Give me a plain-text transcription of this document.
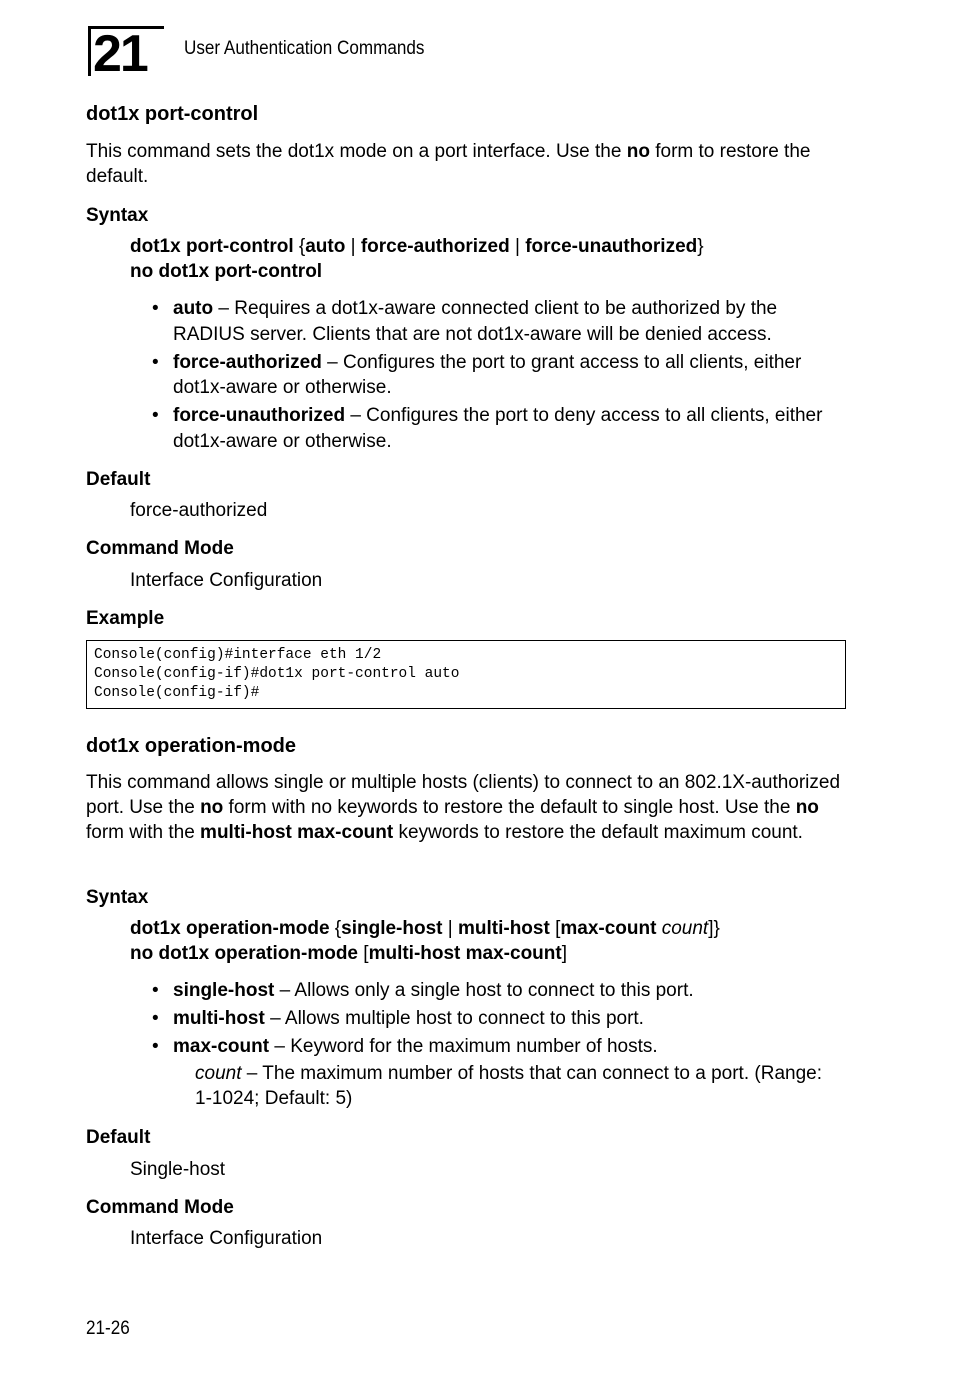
21	User Authentication Commands
dot1x port-control
This command sets the dot1x mode on a port interface. Use the no form to restore the default.
Syntax
dot1x port-control {auto | force-authorized | force-unauthorized}
no dot1x port-control
• auto – Requires a dot1x-aware connected client to be authorized by the RADIUS server. Clients that are not dot1x-aware will be denied access.
• force-authorized – Configures the port to grant access to all clients, either dot1x-aware or otherwise.
• force-unauthorized – Configures the port to deny access to all clients, either dot1x-aware or otherwise.
Default
force-authorized
Command Mode
Interface Configuration
Example
Console(config)#interface eth 1/2
Console(config-if)#dot1x port-control auto
Console(config-if)#
dot1x operation-mode
This command allows single or multiple hosts (clients) to connect to an 802.1X-authorized port. Use the no form with no keywords to restore the default to single host. Use the no form with the multi-host max-count keywords to restore the default maximum count.
Syntax
dot1x operation-mode {single-host | multi-host [max-count count]}
no dot1x operation-mode [multi-host max-count]
• single-host – Allows only a single host to connect to this port.
• multi-host – Allows multiple host to connect to this port.
• max-count – Keyword for the maximum number of hosts.
count – The maximum number of hosts that can connect to a port. (Range: 1-1024; Default: 5)
Default
Single-host
Command Mode
Interface Configuration
21-26
